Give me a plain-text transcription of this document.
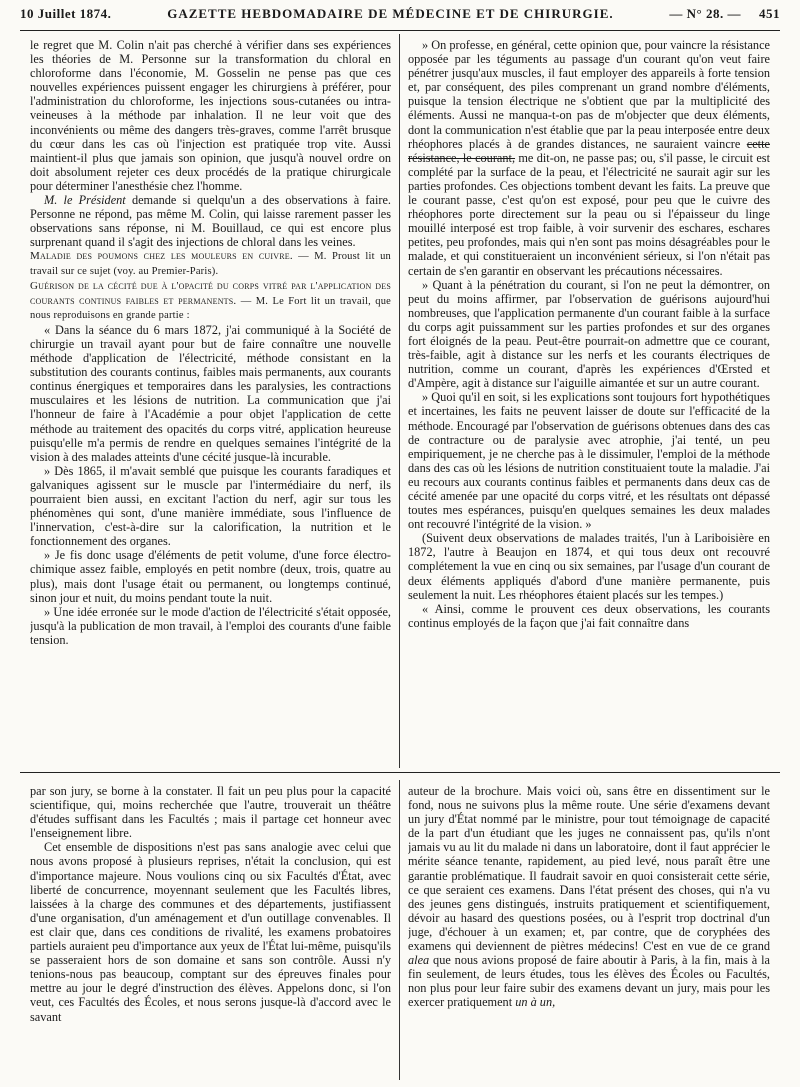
10 Juillet 1874.	GAZETTE HEBDOMADAIRE DE MÉDECINE ET DE CHIRURGIE.	— N° 28. — 451

le regret que M. Colin n'ait pas cherché à vérifier dans ses expériences les théories de M. Personne sur la transformation du chloral en chloroforme dans l'économie, M. Gosselin ne pense pas que ces nouvelles expériences puissent engager les chirurgiens à préférer, pour l'administration du chloroforme, les injections sous-cutanées ou intra-veineuses à la méthode par inhalation. Il ne leur voit que des inconvénients ou même des dangers très-graves, comme l'arrêt brusque du cœur dans les cas où l'injection est pratiquée trop vite. Aussi maintient-il plus que jamais son opinion, que jusqu'à nouvel ordre on doit absolument rejeter ces deux procédés de la pratique chirurgicale pour déterminer l'anesthésie chez l'homme.

M. le Président demande si quelqu'un a des observations à faire. Personne ne répond, pas même M. Colin, qui laisse rarement passer les observations sans réponse, ni M. Bouillaud, ce qui est encore plus surprenant quand il s'agit des injections de chloral dans les veines.

Maladie des poumons chez les mouleurs en cuivre. — M. Proust lit un travail sur ce sujet (voy. au Premier-Paris).

Guérison de la cécité due à l'opacité du corps vitré par l'application des courants continus faibles et permanents. — M. Le Fort lit un travail, que nous reproduisons en grande partie :

« Dans la séance du 6 mars 1872, j'ai communiqué à la Société de chirurgie un travail ayant pour but de faire connaître une nouvelle méthode d'application de l'électricité, méthode consistant en la substitution des courants continus, faibles mais permanents, aux courants continus énergiques et temporaires dans les paralysies, les contractions musculaires et les lésions de nutrition. La communication que j'ai l'honneur de faire à l'Académie a pour objet l'application de cette méthode au traitement des opacités du corps vitré, application heureuse puisqu'elle m'a permis de rendre en quelques semaines l'intégrité de la vision à des malades atteints d'une cécité jusque-là incurable.

» Dès 1865, il m'avait semblé que puisque les courants faradiques et galvaniques agissent sur le muscle par l'intermédiaire du nerf, ils pourraient bien aussi, en excitant l'action du nerf, agir sur tous les phénomènes qui sont, d'une manière immédiate, sous l'influence de l'innervation, c'est-à-dire sur la calorification, la nutrition et le fonctionnement des organes.

» Je fis donc usage d'éléments de petit volume, d'une force électro-chimique assez faible, employés en petit nombre (deux, trois, quatre au plus), mais dont l'usage était ou permanent, ou longtemps continué, sinon jour et nuit, du moins pendant toute la nuit.

» Une idée erronée sur le mode d'action de l'électricité s'était opposée, jusqu'à la publication de mon travail, à l'emploi des courants d'une faible tension.

» On professe, en général, cette opinion que, pour vaincre la résistance opposée par les téguments au passage d'un courant qu'on veut faire pénétrer jusqu'aux muscles, il faut employer des appareils à forte tension et, par conséquent, des piles comprenant un grand nombre d'éléments, puisque la tension électrique ne s'obtient que par la multiplicité des éléments. Aussi ne manqua-t-on pas de m'objecter que deux éléments, dont la communication n'est établie que par la peau interposée entre deux rhéophores placés à de grandes distances, ne sauraient vaincre cette résistance, le courant, me dit-on, ne passe pas; ou, s'il passe, le circuit est complété par la surface de la peau, et l'électricité ne saurait agir sur les parties profondes. Ces objections tombent devant les faits. La preuve que le courant passe, c'est qu'on est exposé, pour peu que le cuivre des rhéophores porte directement sur la peau ou si l'épaisseur du linge mouillé interposé est trop faible, à voir survenir des eschares, eschares petites, peu profondes, mais qui n'en sont pas moins désagréables pour le malade, et qui constitueraient un inconvénient sérieux, si l'on n'était pas certain de s'en garantir en observant les précautions nécessaires.

» Quant à la pénétration du courant, si l'on ne peut la démontrer, on peut du moins affirmer, par l'observation de guérisons aujourd'hui nombreuses, que l'application permanente d'un courant faible à la surface du corps agit puissamment sur les parties profondes et sur des organes fort éloignés de la peau. Peut-être pourrait-on admettre que ce courant, très-faible, agit à distance sur les nerfs et les courants électriques de nutrition, comme un courant, d'après les expériences d'Œrsted et d'Ampère, agit à distance sur l'aiguille aimantée et sur un autre courant.

» Quoi qu'il en soit, si les explications sont toujours fort hypothétiques et incertaines, les faits ne peuvent laisser de doute sur l'efficacité de la méthode. Encouragé par l'observation de guérisons obtenues dans des cas de contracture ou de paralysie avec atrophie, j'ai tenté, un peu empiriquement, je ne cherche pas à le dissimuler, l'emploi de la méthode dans des cas où les lésions de nutrition constituaient toute la maladie. J'ai eu recours aux courants continus faibles et permanents dans deux cas de cécité amenée par une opacité du corps vitré, et les résultats ont dépassé toutes mes espérances, puisqu'en quelques semaines les deux malades ont recouvré l'intégrité de la vision. »

(Suivent deux observations de malades traités, l'un à Lariboisière en 1872, l'autre à Beaujon en 1874, et qui tous deux ont recouvré complétement la vue en cinq ou six semaines, par l'usage d'un courant de deux éléments appliqués d'abord d'une manière permanente, puis seulement la nuit. Les rhéophores étaient placés sur les tempes.)

« Ainsi, comme le prouvent ces deux observations, les courants continus employés de la façon que j'ai fait connaître dans

par son jury, se borne à la constater. Il fait un peu plus pour la capacité scientifique, qui, moins recherchée que l'autre, trouverait un théâtre d'études suffisant dans les Facultés ; mais il partage cet honneur avec l'enseignement libre.

Cet ensemble de dispositions n'est pas sans analogie avec celui que nous avons proposé à plusieurs reprises, n'était la conclusion, qui est d'importance majeure. Nous voulions cinq ou six Facultés d'État, avec liberté de concurrence, moyennant seulement que les Facultés libres, laissées à la charge des communes et des départements, justifiassent d'une organisation, d'un aménagement et d'un outillage convenables. Il est clair que, dans ces conditions de rivalité, les examens probatoires partiels auraient peu d'importance aux yeux de l'État lui-même, puisqu'ils se passeraient hors de son domaine et sans son contrôle. Aussi n'y tenions-nous pas beaucoup, comptant sur des épreuves finales pour mettre au jour le degré d'instruction des élèves. Appelons donc, si l'on veut, ces Facultés des Écoles, et nous serons jusque-là d'accord avec le savant

auteur de la brochure. Mais voici où, sans être en dissentiment sur le fond, nous ne suivons plus la même route. Une série d'examens devant un jury d'État nommé par le ministre, pour tout témoignage de capacité de la part d'un étudiant que les juges ne connaissent pas, qu'ils n'ont jamais vu au lit du malade ni dans un laboratoire, dont il faut apprécier le mérite séance tenante, rapidement, au pied levé, nous paraît être une garantie problématique. Il faudrait savoir en quoi consisterait cette série, ce que seraient ces examens. Dans l'état présent des choses, qui n'a vu des jeunes gens distingués, instruits pratiquement et scientifiquement, dévoir au hasard des questions posées, ou à l'esprit trop doctrinal d'un juge, d'échouer à un examen; et, par contre, que de coryphées des examens qui deviennent de piètres médecins! C'est en vue de ce grand alea que nous avions proposé de faire aboutir à Paris, à la fin, mais à la fin seulement, de leurs études, tous les élèves des Écoles ou Facultés, non plus pour leur faire subir des examens devant un jury, mais pour les exercer pratiquement un à un,
